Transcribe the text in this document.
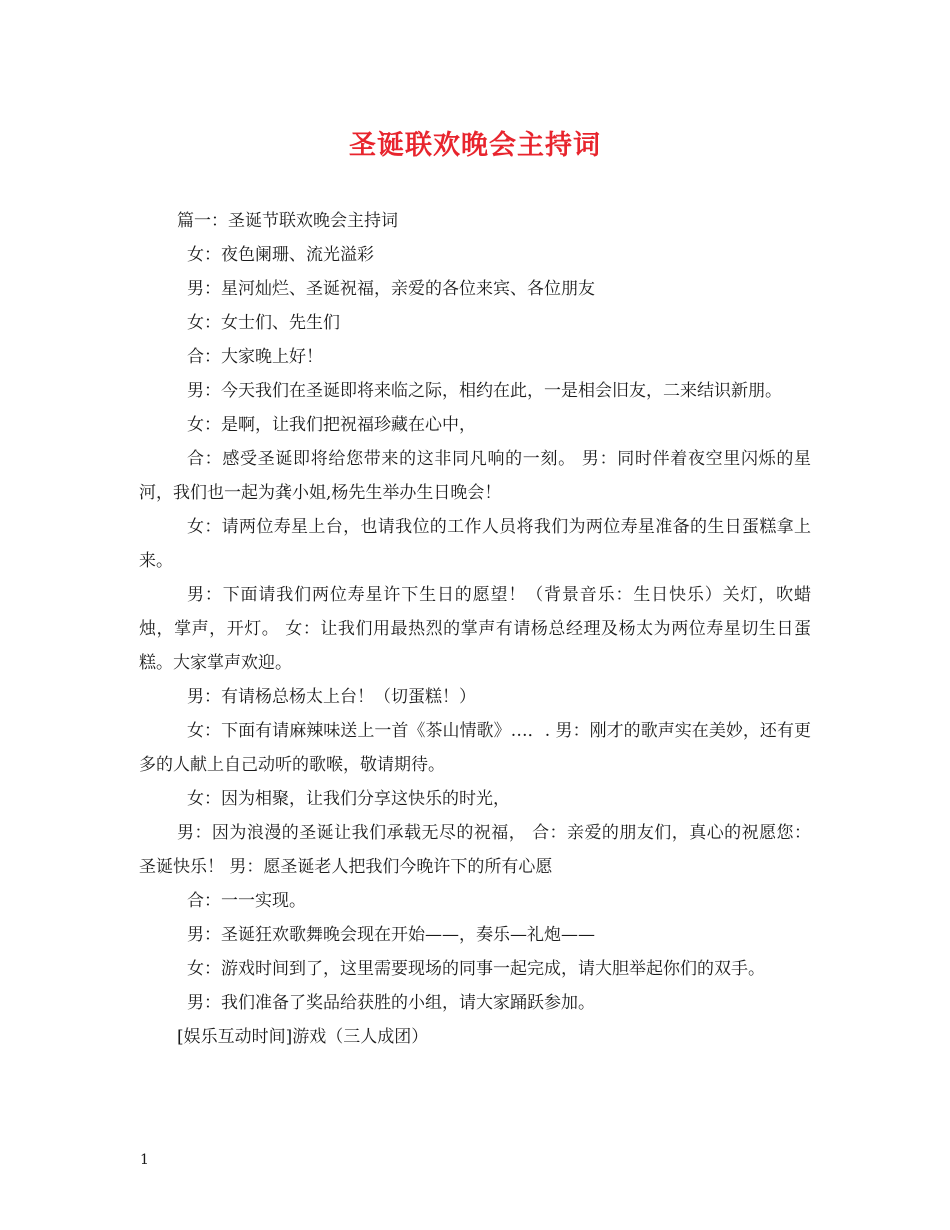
圣诞联欢晚会主持词

篇一：圣诞节联欢晚会主持词

女：夜色阑珊、流光溢彩

男：星河灿烂、圣诞祝福，亲爱的各位来宾、各位朋友

女：女士们、先生们

合：大家晚上好！

男：今天我们在圣诞即将来临之际，相约在此，一是相会旧友，二来结识新朋。

女：是啊，让我们把祝福珍藏在心中，

合：感受圣诞即将给您带来的这非同凡响的一刻。 男：同时伴着夜空里闪烁的星河，我们也一起为龚小姐,杨先生举办生日晚会！

女：请两位寿星上台，也请我位的工作人员将我们为两位寿星准备的生日蛋糕拿上来。

男：下面请我们两位寿星许下生日的愿望！（背景音乐：生日快乐）关灯，吹蜡烛，掌声，开灯。 女：让我们用最热烈的掌声有请杨总经理及杨太为两位寿星切生日蛋糕。大家掌声欢迎。

男：有请杨总杨太上台！（切蛋糕！）

女：下面有请麻辣味送上一首《茶山情歌》…．. 男：刚才的歌声实在美妙，还有更多的人献上自己动听的歌喉，敬请期待。

女：因为相聚，让我们分享这快乐的时光，

男：因为浪漫的圣诞让我们承载无尽的祝福， 合：亲爱的朋友们，真心的祝愿您：圣诞快乐！ 男：愿圣诞老人把我们今晚许下的所有心愿

合：一一实现。

男：圣诞狂欢歌舞晚会现在开始——，奏乐—礼炮——

女：游戏时间到了，这里需要现场的同事一起完成，请大胆举起你们的双手。

男：我们准备了奖品给获胜的小组，请大家踊跃参加。

[娱乐互动时间]游戏（三人成团）

1
